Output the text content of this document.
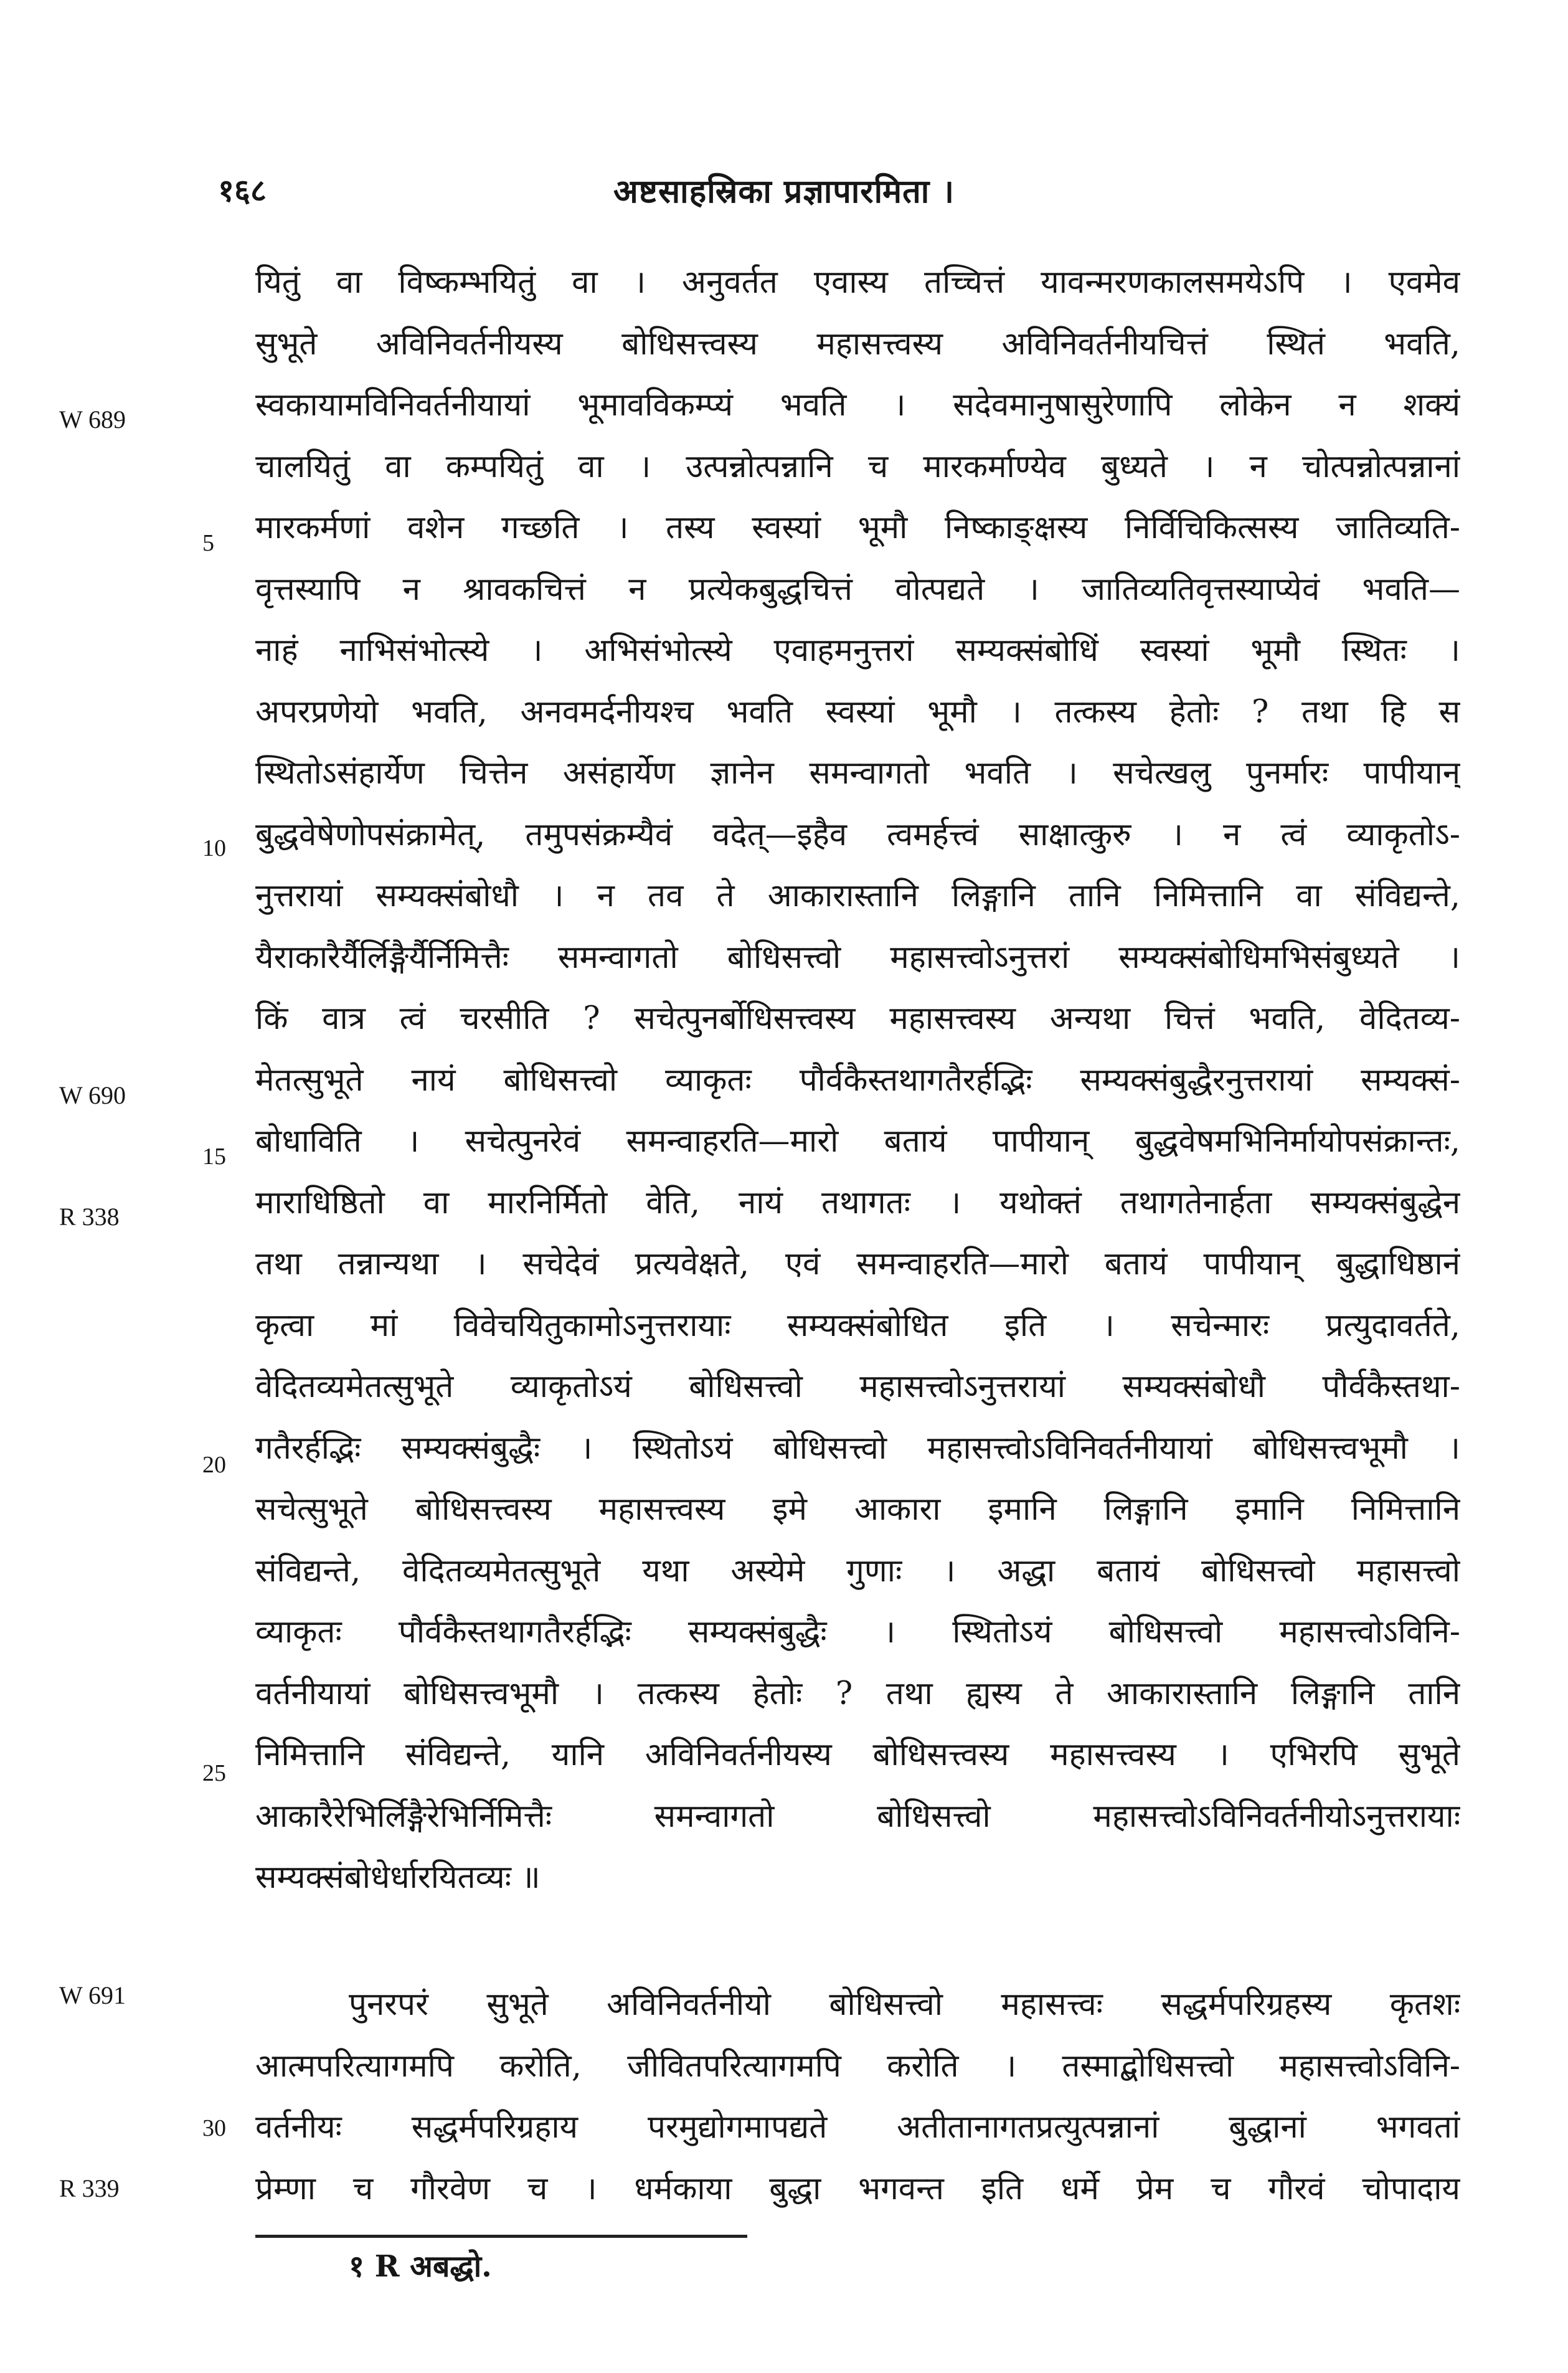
१६८	अष्टसाहस्रिका प्रज्ञापारमिता ।
W 689
W 690
R 338
W 691
R 339
5
10
15
20
25
30
यितुं वा विष्कम्भयितुं वा । अनुवर्तत एवास्य तच्चित्तं यावन्मरणकालसमयेऽपि । एवमेव
सुभूते अविनिवर्तनीयस्य बोधिसत्त्वस्य महासत्त्वस्य अविनिवर्तनीयचित्तं स्थितं भवति,
स्वकायामविनिवर्तनीयायां भूमावविकम्प्यं भवति । सदेवमानुषासुरेणापि लोकेन न शक्यं
चालयितुं वा कम्पयितुं वा । उत्पन्नोत्पन्नानि च मारकर्माण्येव बुध्यते । न चोत्पन्नोत्पन्नानां
मारकर्मणां वशेन गच्छति । तस्य स्वस्यां भूमौ निष्काङ्क्षस्य निर्विचिकित्सस्य जातिव्यति-
वृत्तस्यापि न श्रावकचित्तं न प्रत्येकबुद्धचित्तं वोत्पद्यते । जातिव्यतिवृत्तस्याप्येवं भवति—
नाहं नाभिसंभोत्स्ये । अभिसंभोत्स्ये एवाहमनुत्तरां सम्यक्संबोधिं स्वस्यां भूमौ स्थितः ।
अपरप्रणेयो भवति, अनवमर्दनीयश्च भवति स्वस्यां भूमौ । तत्कस्य हेतोः ? तथा हि स
स्थितोऽसंहार्येण चित्तेन असंहार्येण ज्ञानेन समन्वागतो भवति । सचेत्खलु पुनर्मारः पापीयान्
बुद्धवेषेणोपसंक्रामेत्, तमुपसंक्रम्यैवं वदेत्—इहैव त्वमर्हत्त्वं साक्षात्कुरु । न त्वं व्याकृतोऽ-
नुत्तरायां सम्यक्संबोधौ । न तव ते आकारास्तानि लिङ्गानि तानि निमित्तानि वा संविद्यन्ते,
यैराकारैर्यैर्लिङ्गैर्यैर्निमित्तैः समन्वागतो बोधिसत्त्वो महासत्त्वोऽनुत्तरां सम्यक्संबोधिमभिसंबुध्यते ।
किं वात्र त्वं चरसीति ? सचेत्पुनर्बोधिसत्त्वस्य महासत्त्वस्य अन्यथा चित्तं भवति, वेदितव्य-
मेतत्सुभूते नायं बोधिसत्त्वो व्याकृतः पौर्वकैस्तथागतैरर्हद्भिः सम्यक्संबुद्धैरनुत्तरायां सम्यक्सं-
बोधाविति । सचेत्पुनरेवं समन्वाहरति—मारो बतायं पापीयान् बुद्धवेषमभिनिर्मायोपसंक्रान्तः,
माराधिष्ठितो वा मारनिर्मितो वेति, नायं तथागतः । यथोक्तं तथागतेनार्हता सम्यक्संबुद्धेन
तथा तन्नान्यथा । सचेदेवं प्रत्यवेक्षते, एवं समन्वाहरति—मारो बतायं पापीयान् बुद्धाधिष्ठानं
कृत्वा मां विवेचयितुकामोऽनुत्तरायाः सम्यक्संबोधित इति । सचेन्मारः प्रत्युदावर्तते,
वेदितव्यमेतत्सुभूते व्याकृतोऽयं बोधिसत्त्वो महासत्त्वोऽनुत्तरायां सम्यक्संबोधौ पौर्वकैस्तथा-
गतैरर्हद्भिः सम्यक्संबुद्धैः । स्थितोऽयं बोधिसत्त्वो महासत्त्वोऽविनिवर्तनीयायां बोधिसत्त्वभूमौ ।
सचेत्सुभूते बोधिसत्त्वस्य महासत्त्वस्य इमे आकारा इमानि लिङ्गानि इमानि निमित्तानि
संविद्यन्ते, वेदितव्यमेतत्सुभूते यथा अस्येमे गुणाः । अद्धा बतायं बोधिसत्त्वो महासत्त्वो
व्याकृतः पौर्वकैस्तथागतैरर्हद्भिः सम्यक्संबुद्धैः । स्थितोऽयं बोधिसत्त्वो महासत्त्वोऽविनि-
वर्तनीयायां बोधिसत्त्वभूमौ । तत्कस्य हेतोः ? तथा ह्यस्य ते आकारास्तानि लिङ्गानि तानि
निमित्तानि संविद्यन्ते, यानि अविनिवर्तनीयस्य बोधिसत्त्वस्य महासत्त्वस्य । एभिरपि सुभूते
आकारैरेभिर्लिङ्गैरेभिर्निमित्तैः समन्वागतो बोधिसत्त्वो महासत्त्वोऽविनिवर्तनीयोऽनुत्तरायाः
सम्यक्संबोधेर्धारयितव्यः ॥
पुनरपरं सुभूते अविनिवर्तनीयो बोधिसत्त्वो महासत्त्वः सद्धर्मपरिग्रहस्य कृतशः
आत्मपरित्यागमपि करोति, जीवितपरित्यागमपि करोति । तस्माद्बोधिसत्त्वो महासत्त्वोऽविनि-
वर्तनीयः सद्धर्मपरिग्रहाय परमुद्योगमापद्यते अतीतानागतप्रत्युत्पन्नानां बुद्धानां भगवतां
प्रेम्णा च गौरवेण च । धर्मकाया बुद्धा भगवन्त इति धर्मे प्रेम च गौरवं चोपादाय
१ R अबद्धो.
